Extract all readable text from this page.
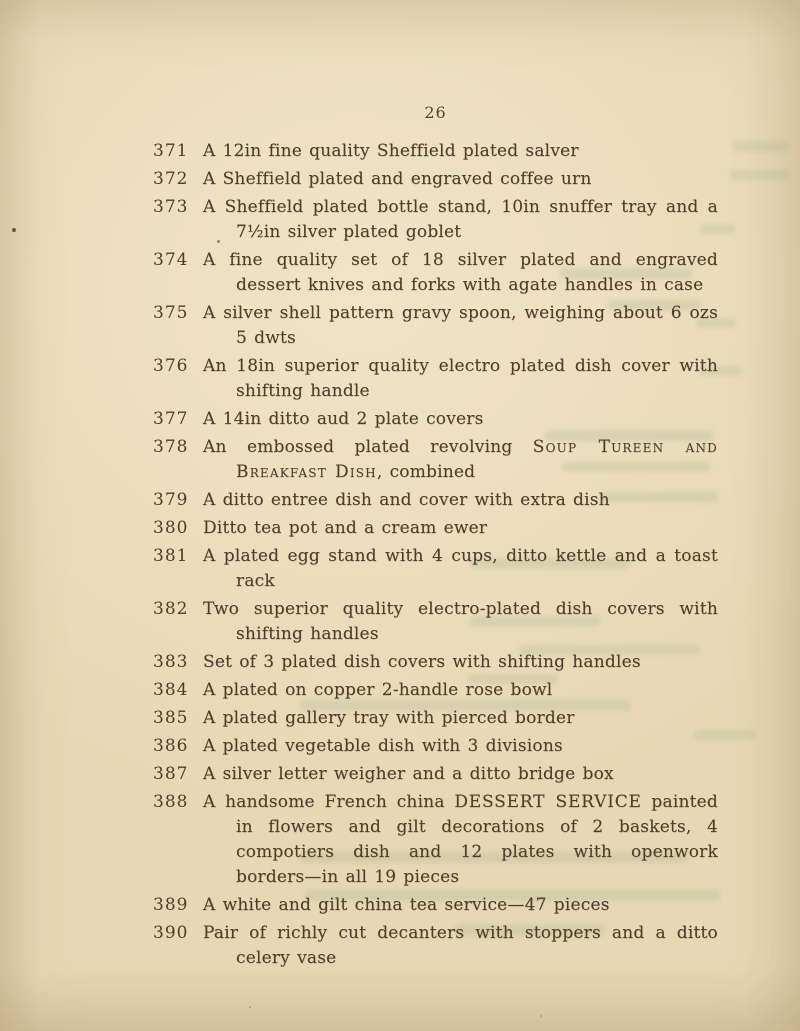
26
371 A 12in fine quality Sheffield plated salver
372 A Sheffield plated and engraved coffee urn
373 A Sheffield plated bottle stand, 10in snuffer tray and a 7½in silver plated goblet
374 A fine quality set of 18 silver plated and engraved dessert knives and forks with agate handles in case
375 A silver shell pattern gravy spoon, weighing about 6 ozs 5 dwts
376 An 18in superior quality electro plated dish cover with shifting handle
377 A 14in ditto aud 2 plate covers
378 An embossed plated revolving Soup Tureen and Breakfast Dish, combined
379 A ditto entree dish and cover with extra dish
380 Ditto tea pot and a cream ewer
381 A plated egg stand with 4 cups, ditto kettle and a toast rack
382 Two superior quality electro-plated dish covers with shifting handles
383 Set of 3 plated dish covers with shifting handles
384 A plated on copper 2-handle rose bowl
385 A plated gallery tray with pierced border
386 A plated vegetable dish with 3 divisions
387 A silver letter weigher and a ditto bridge box
388 A handsome French china DESSERT SERVICE painted in flowers and gilt decorations of 2 baskets, 4 compotiers dish and 12 plates with openwork borders—in all 19 pieces
389 A white and gilt china tea service—47 pieces
390 Pair of richly cut decanters with stoppers and a ditto celery vase
